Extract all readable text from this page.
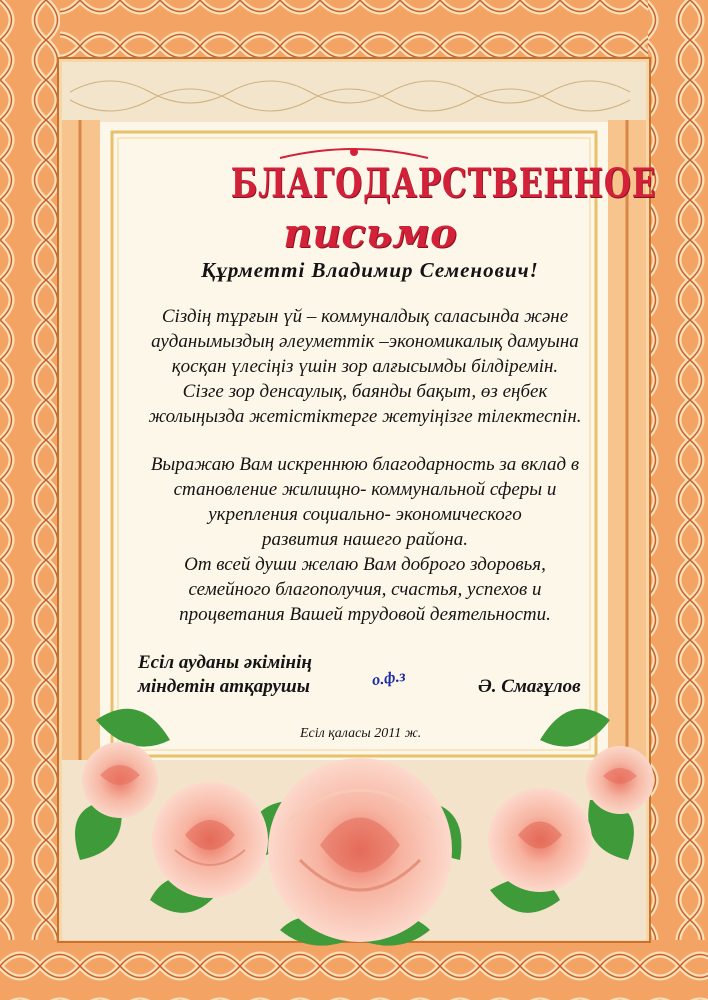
БЛАГОДАРСТВЕННОЕ
письмо
Құрметті Владимир Семенович!
Сіздің тұрғын үй – коммуналдық саласында және
ауданымыздың әлеуметтік –экономикалық дамуына
қосқан үлесіңіз үшін зор алғысымды білдіремін.
Сізге зор денсаулық, баянды бақыт, өз еңбек
жолыңызда жетістіктерге жетуіңізге тілектеспін.
Выражаю Вам искреннюю благодарность за вклад в
становление жилищно- коммунальной сферы и
укрепления социально- экономического
развития нашего района.
От всей души желаю Вам доброго здоровья,
семейного благополучия, счастья, успехов и
процветания Вашей трудовой деятельности.
Есіл ауданы әкімінің
міндетін атқарушы	о.ф.з	Ә. Смағұлов
Есіл қаласы 2011 ж.
